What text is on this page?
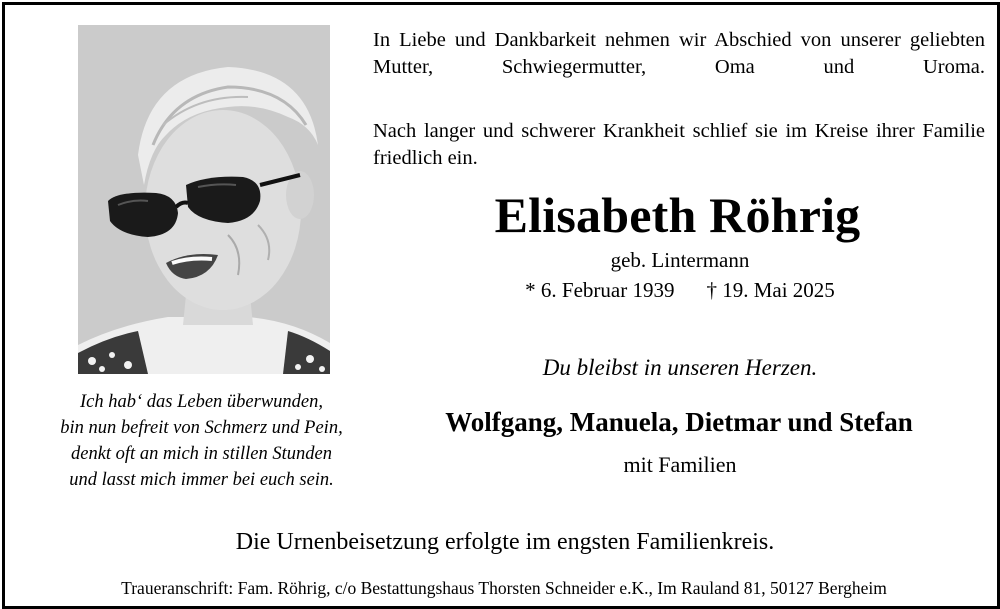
In Liebe und Dankbarkeit nehmen wir Abschied von unserer geliebten Mutter, Schwiegermutter, Oma und Uroma.

Nach langer und schwerer Krankheit schlief sie im Kreise ihrer Familie friedlich ein.

Elisabeth Röhrig
geb. Lintermann
* 6. Februar 1939 † 19. Mai 2025
Du bleibst in unseren Herzen.
Wolfgang, Manuela, Dietmar und Stefan
mit Familien
Ich hab‘ das Leben überwunden,
bin nun befreit von Schmerz und Pein,
denkt oft an mich in stillen Stunden
und lasst mich immer bei euch sein.
Die Urnenbeisetzung erfolgte im engsten Familienkreis.
Traueranschrift: Fam. Röhrig, c/o Bestattungshaus Thorsten Schneider e.K., Im Rauland 81, 50127 Bergheim
